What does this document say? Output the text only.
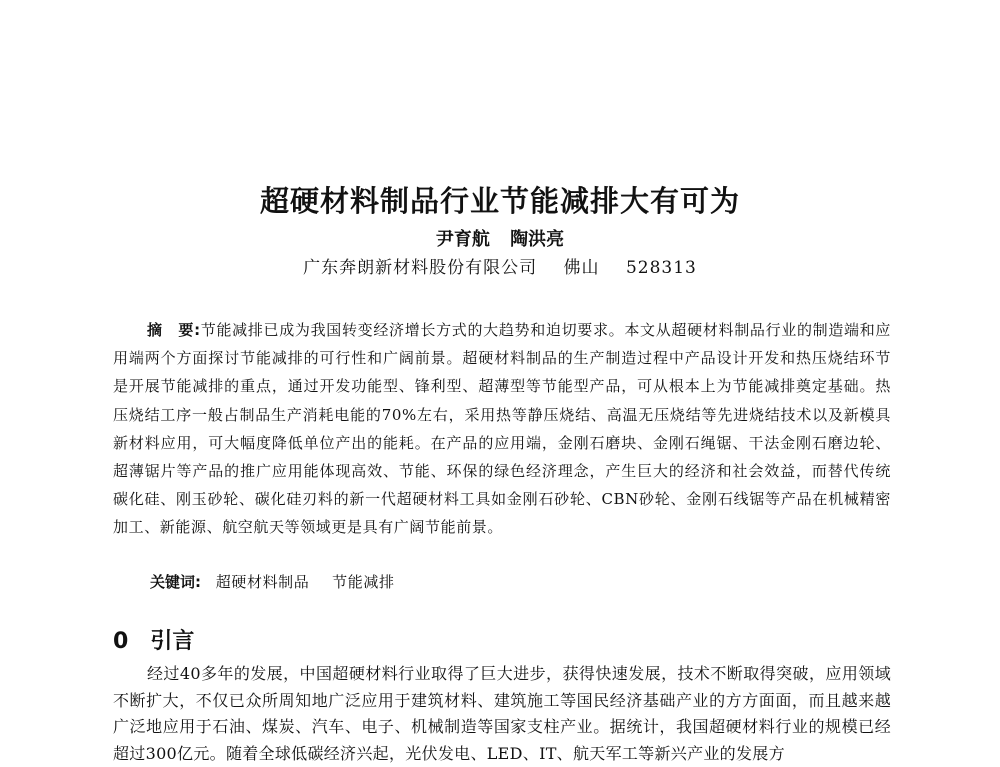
超硬材料制品行业节能减排大有可为
尹育航 陶洪亮
广东奔朗新材料股份有限公司 佛山 528313

摘　要:节能减排已成为我国转变经济增长方式的大趋势和迫切要求。本文从超硬材料制品行业的制造端和应用端两个方面探讨节能减排的可行性和广阔前景。超硬材料制品的生产制造过程中产品设计开发和热压烧结环节是开展节能减排的重点，通过开发功能型、锋利型、超薄型等节能型产品，可从根本上为节能减排奠定基础。热压烧结工序一般占制品生产消耗电能的70%左右，采用热等静压烧结、高温无压烧结等先进烧结技术以及新模具新材料应用，可大幅度降低单位产出的能耗。在产品的应用端，金刚石磨块、金刚石绳锯、干法金刚石磨边轮、超薄锯片等产品的推广应用能体现高效、节能、环保的绿色经济理念，产生巨大的经济和社会效益，而替代传统碳化硅、刚玉砂轮、碳化硅刃料的新一代超硬材料工具如金刚石砂轮、CBN砂轮、金刚石线锯等产品在机械精密加工、新能源、航空航天等领域更是具有广阔节能前景。

关键词: 超硬材料制品 节能减排
0 引言

经过40多年的发展，中国超硬材料行业取得了巨大进步，获得快速发展，技术不断取得突破，应用领域不断扩大，不仅已众所周知地广泛应用于建筑材料、建筑施工等国民经济基础产业的方方面面，而且越来越广泛地应用于石油、煤炭、汽车、电子、机械制造等国家支柱产业。据统计，我国超硬材料行业的规模已经超过300亿元。随着全球低碳经济兴起，光伏发电、LED、IT、航天军工等新兴产业的发展方
